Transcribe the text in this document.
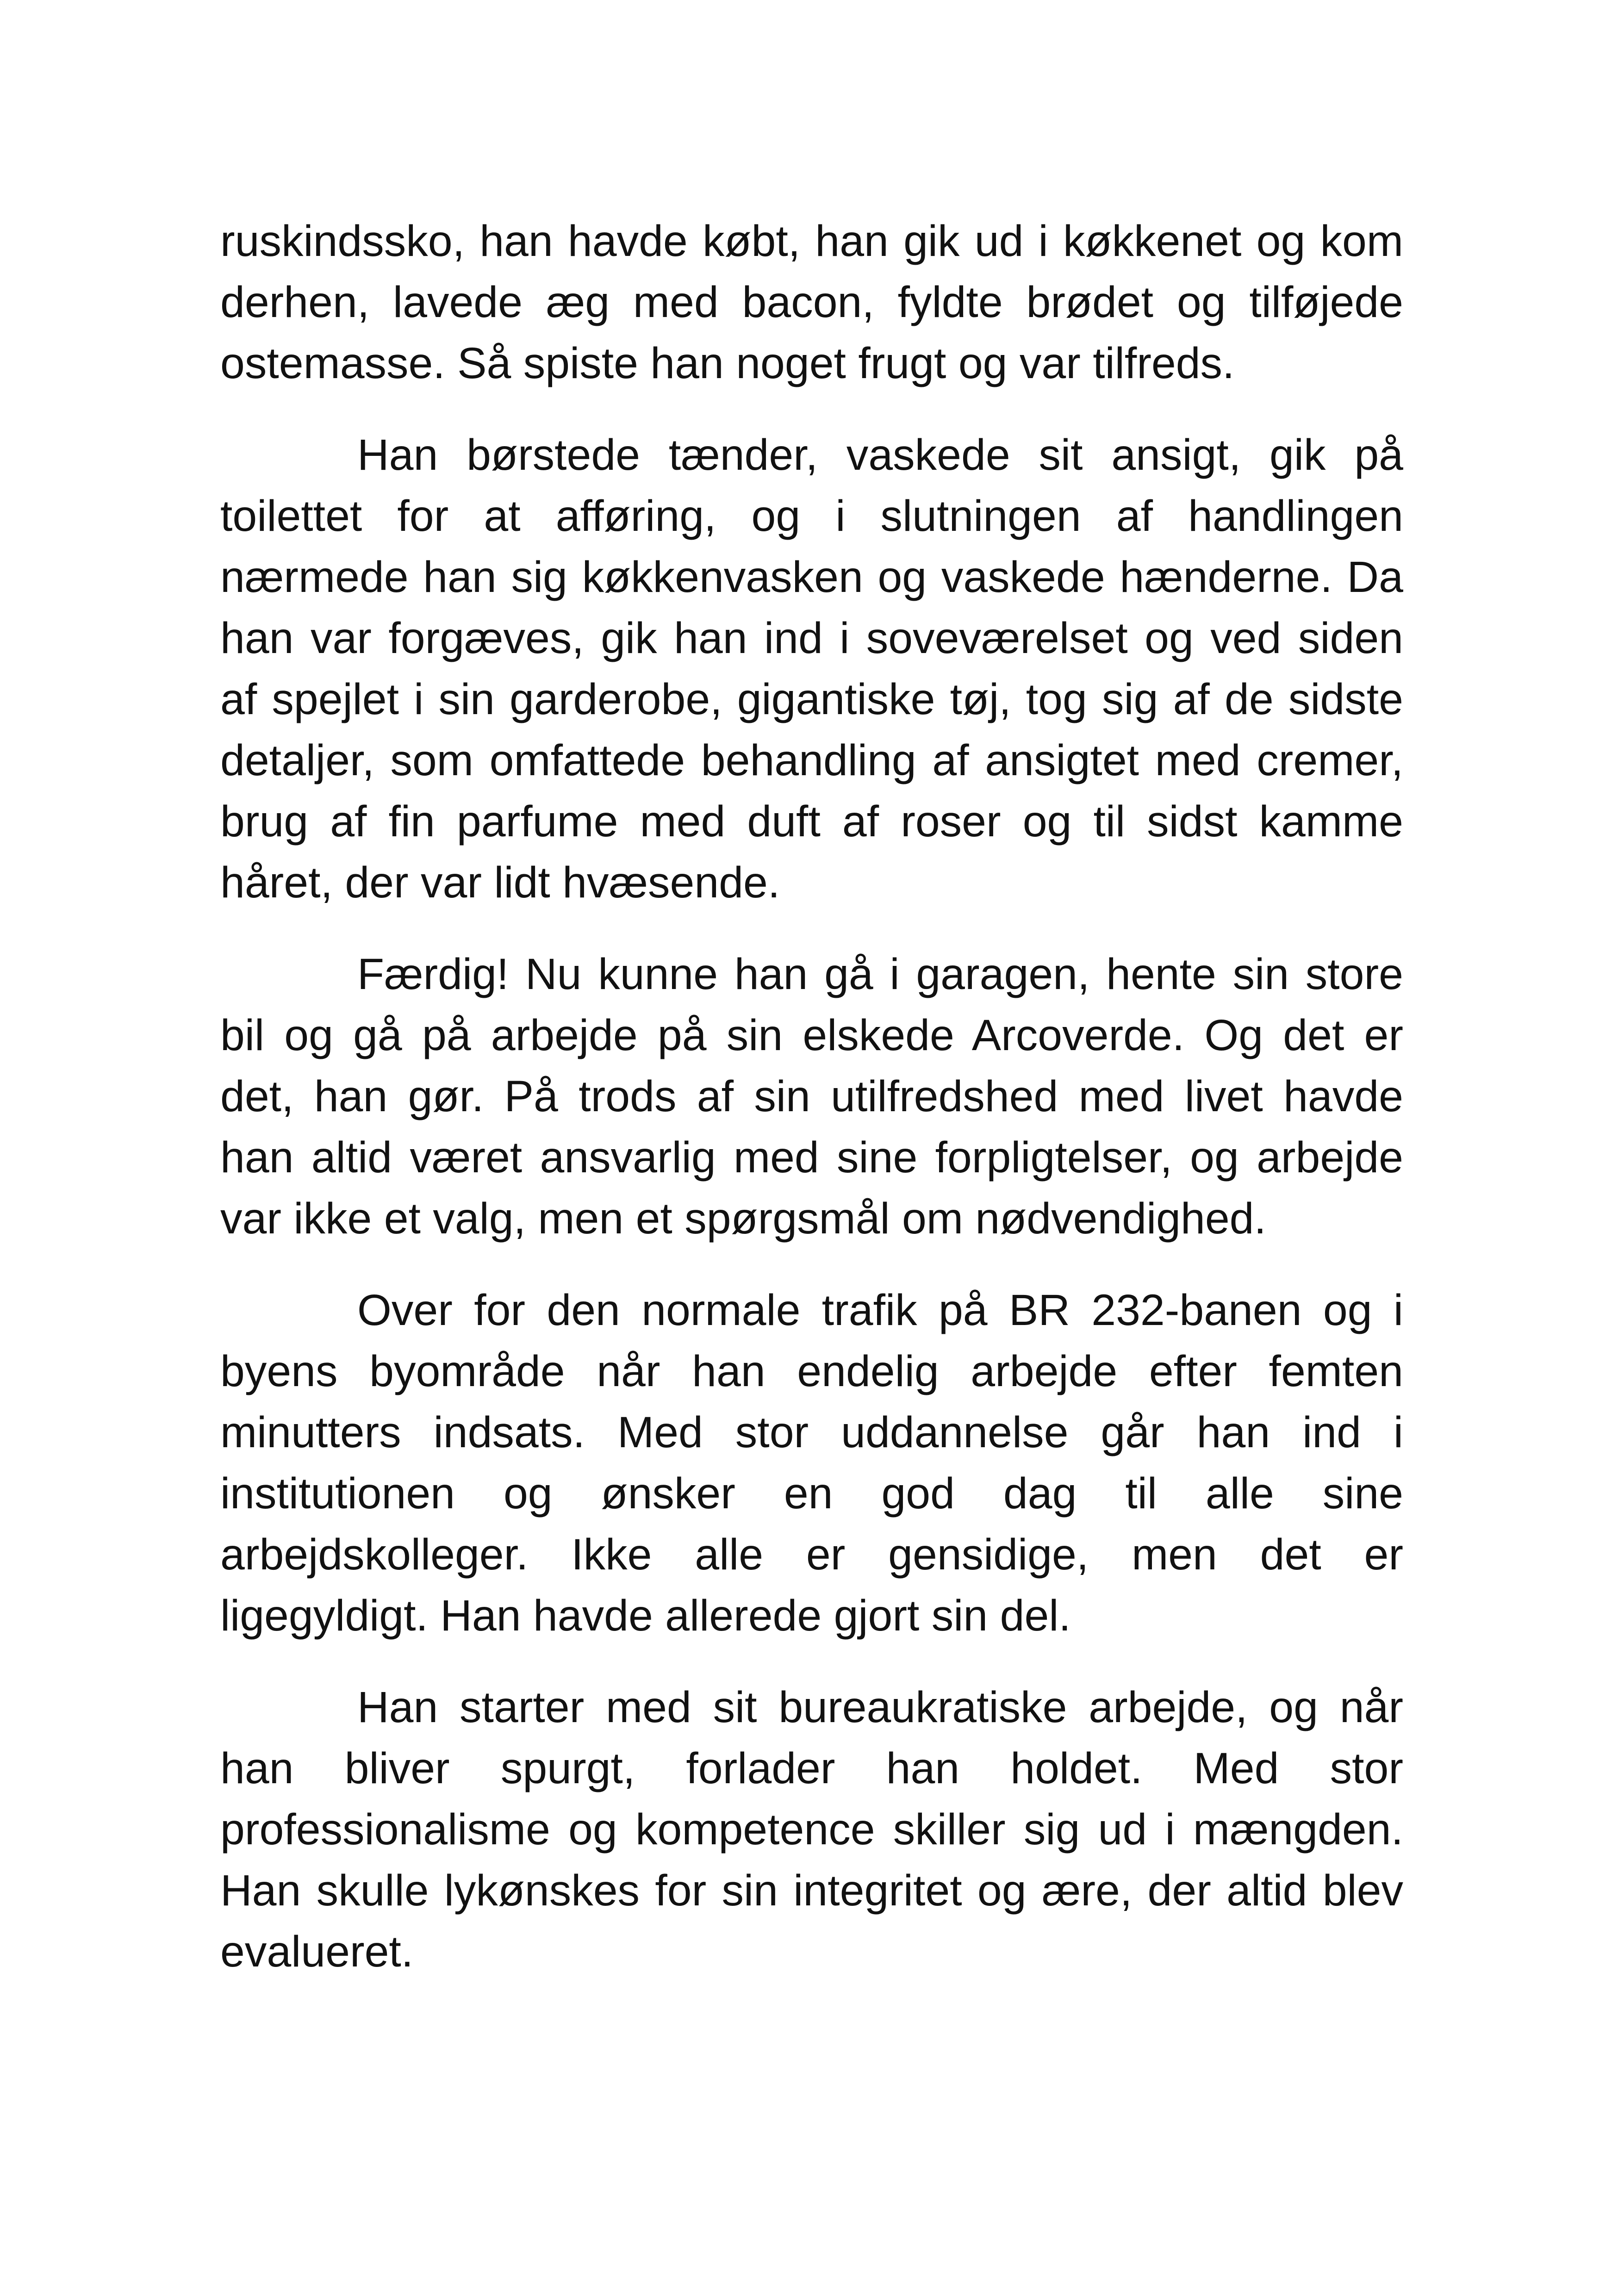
ruskindssko, han havde købt, han gik ud i køkkenet og kom derhen, lavede æg med bacon, fyldte brødet og tilføjede ostemasse. Så spiste han noget frugt og var tilfreds.

Han børstede tænder, vaskede sit ansigt, gik på toilettet for at afføring, og i slutningen af handlingen nærmede han sig køkkenvasken og vaskede hænderne. Da han var forgæves, gik han ind i soveværelset og ved siden af spejlet i sin garderobe, gigantiske tøj, tog sig af de sidste detaljer, som omfattede behandling af ansigtet med cremer, brug af fin parfume med duft af roser og til sidst kamme håret, der var lidt hvæsende.

Færdig! Nu kunne han gå i garagen, hente sin store bil og gå på arbejde på sin elskede Arcoverde. Og det er det, han gør. På trods af sin utilfredshed med livet havde han altid været ansvarlig med sine forpligtelser, og arbejde var ikke et valg, men et spørgsmål om nødvendighed.

Over for den normale trafik på BR 232-banen og i byens byområde når han endelig arbejde efter femten minutters indsats. Med stor uddannelse går han ind i institutionen og ønsker en god dag til alle sine arbejdskolleger. Ikke alle er gensidige, men det er ligegyldigt. Han havde allerede gjort sin del.

Han starter med sit bureaukratiske arbejde, og når han bliver spurgt, forlader han holdet. Med stor professionalisme og kompetence skiller sig ud i mængden. Han skulle lykønskes for sin integritet og ære, der altid blev evalueret.
